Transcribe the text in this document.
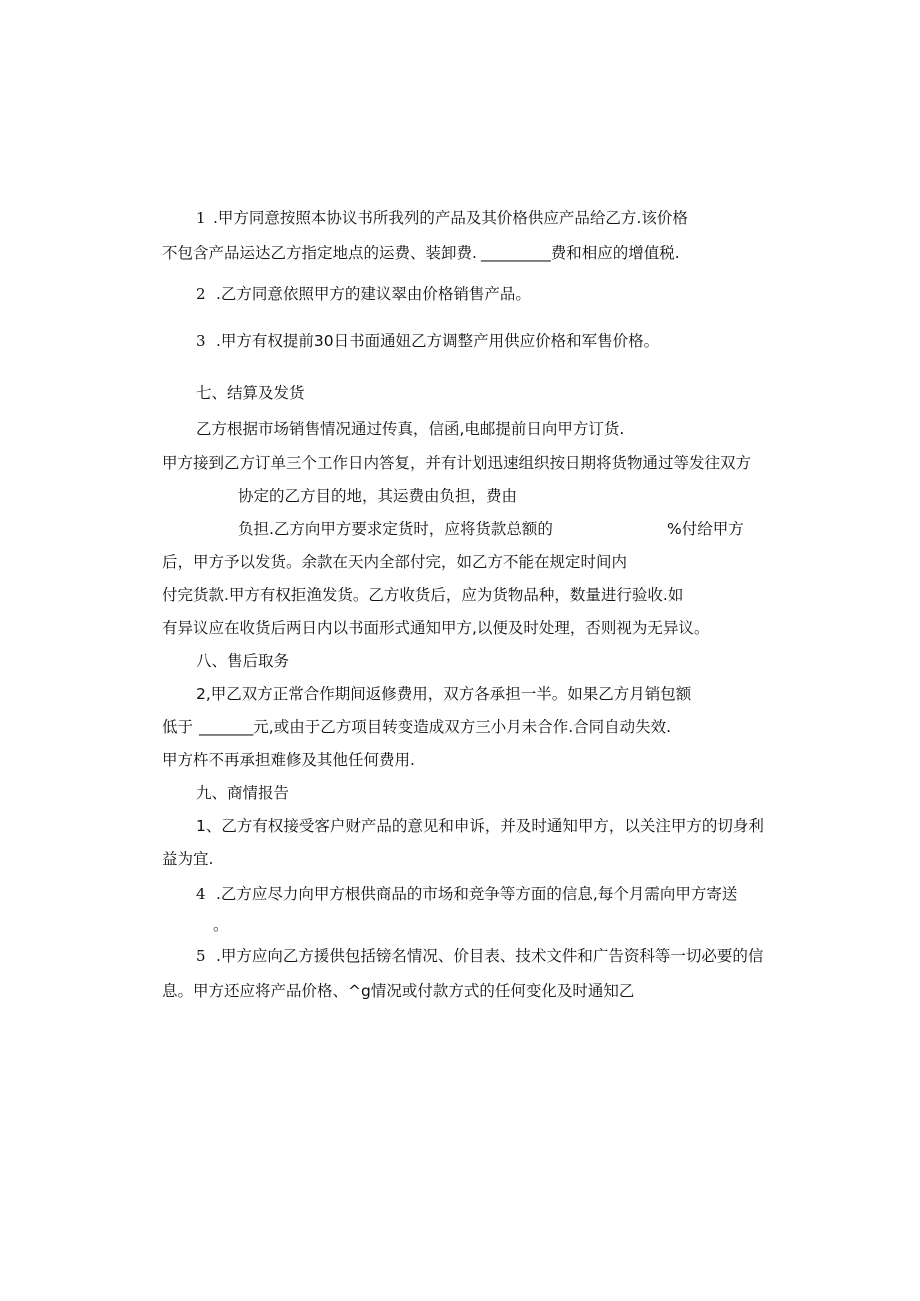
1 .甲方同意按照本协议书所我列的产品及其价格供应产品给乙方.该价格
不包含产品运达乙方指定地点的运费、装卸费. _________费和相应的增值税.
2 .乙方同意依照甲方的建议翠由价格销售产品。
3 .甲方有权提前30日书面通妞乙方调整产用供应价格和军售价格。
七、结算及发货
乙方根据市场销售情况通过传真，信函,电邮提前日向甲方订货.
甲方接到乙方订单三个工作日内答复，并有计划迅速组织按日期将货物通过等发往双方
协定的乙方目的地，其运费由负担，费由
负担.乙方向甲方要求定货时，应将货款总额的	%付给甲方
后，甲方予以发货。余款在天内全部付完，如乙方不能在规定时间内
付完货款.甲方有权拒渔发货。乙方收货后，应为货物品种，数量进行验收.如
有异议应在收货后两日内以书面形式通知甲方,以便及时处理，否则视为无异议。
八、售后取务
2,甲乙双方正常合作期间返修费用，双方各承担一半。如果乙方月销包额
低于 _______元,或由于乙方项目转变造成双方三小月未合作.合同自动失效.
甲方杵不再承担难修及其他任何费用.
九、商情报告
1、乙方有权接受客户财产品的意见和申诉，并及时通知甲方，以关注甲方的切身利
益为宜.
4 .乙方应尽力向甲方根供商品的市场和竞争等方面的信息,每个月需向甲方寄送
。
5 .甲方应向乙方援供包括镑名情况、价目表、技术文件和广告资科等一切必要的信
息。甲方还应将产品价格、^g情况或付款方式的任何变化及时通知乙
